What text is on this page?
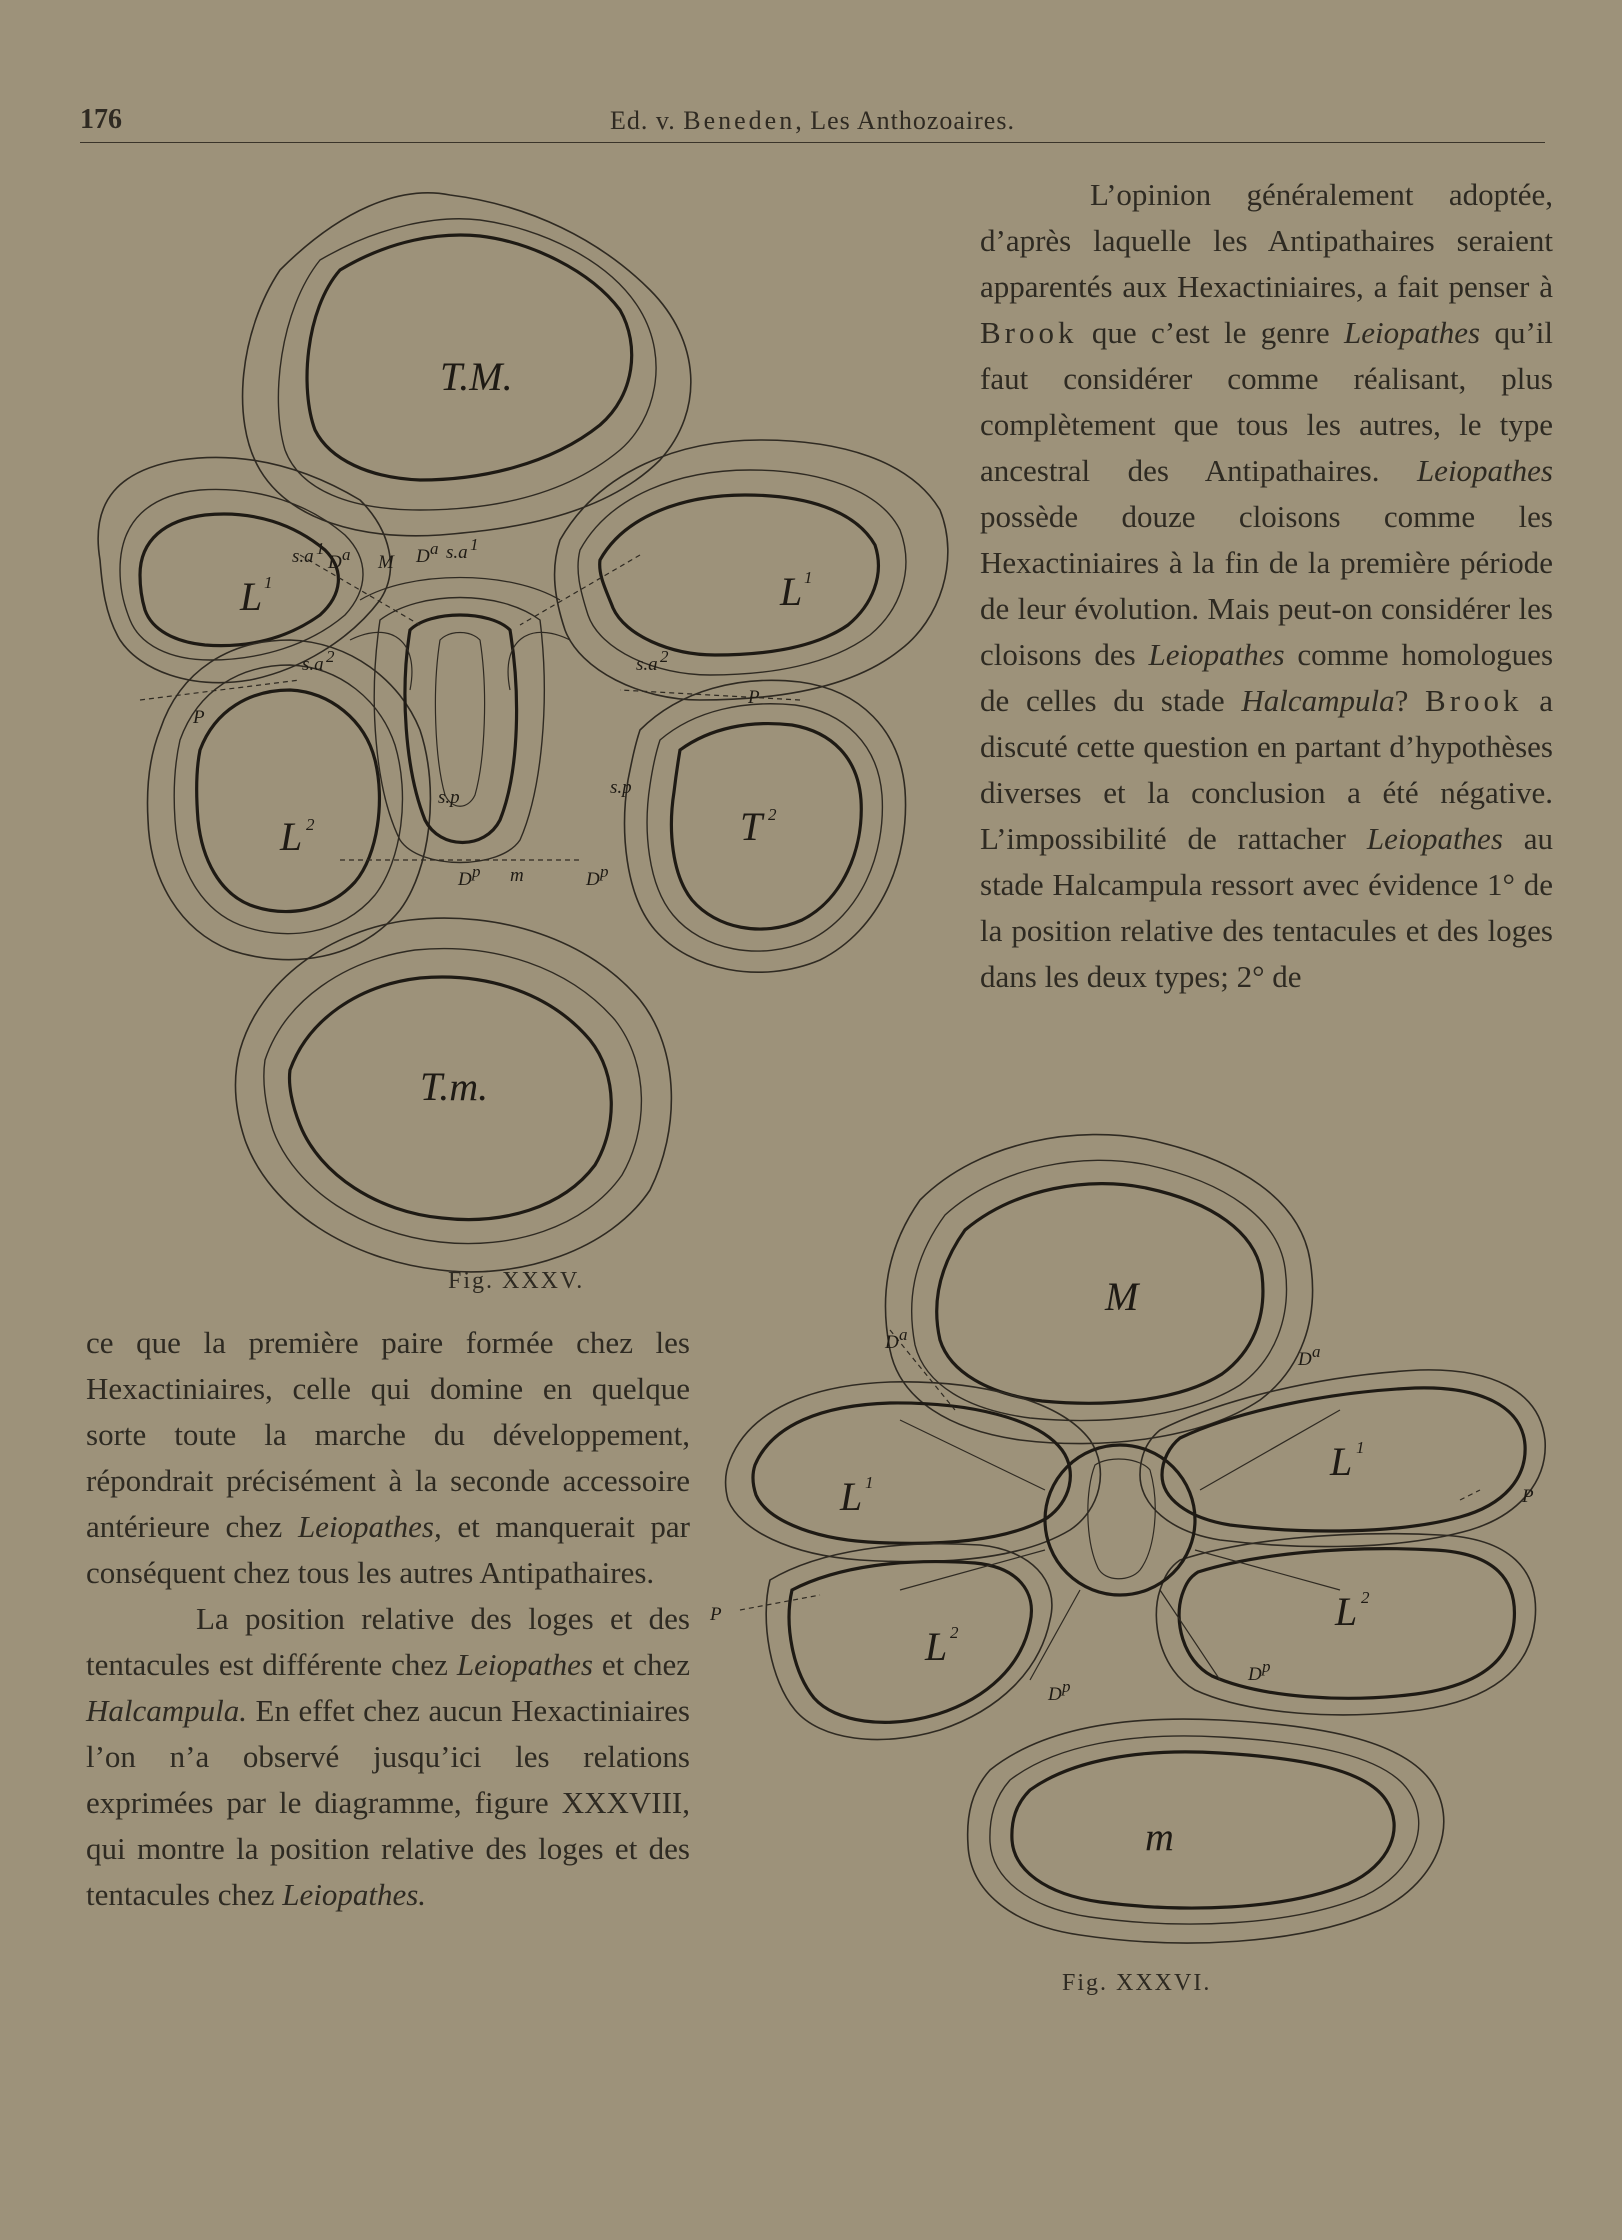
176	Ed. v. Beneden, Les Anthozoaires.
T.M.
L 1	L 1
L 2	T 2
T.m.
s.a 1
D a M D a s.a 1
s.a 2	s.a 2
P
P
s.p	s.p
D p m	D p
Fig. XXXV.

L’opinion généralement adoptée, d’après laquelle les Antipathaires seraient apparentés aux Hexactiniaires, a fait penser à Brook que c’est le genre Leiopathes qu’il faut considérer comme réalisant, plus complètement que tous les autres, le type ancestral des Antipathaires. Leiopathes possède douze cloisons comme les Hexactiniaires à la fin de la première période de leur évolution. Mais peut-on considérer les cloisons des Leiopathes comme homologues de celles du stade Halcampula? Brook a discuté cette question en partant d’hypothèses diverses et la conclusion a été négative. L’impossibilité de rattacher Leiopathes au stade Halcampula ressort avec évidence 1° de la position relative des tentacules et des loges dans les deux types; 2° de

M
L 1	L 1
L 2	L 2
m
D a
D a
D p
D p
P
P
Fig. XXXVI.

ce que la première paire formée chez les Hexactiniaires, celle qui domine en quelque sorte toute la marche du développement, répondrait précisément à la seconde accessoire antérieure chez Leiopathes, et manquerait par conséquent chez tous les autres Antipathaires.

La position relative des loges et des tentacules est différente chez Leiopathes et chez Halcampula. En effet chez aucun Hexactiniaires l’on n’a observé jusqu’ici les relations exprimées par le diagramme, figure XXXVIII, qui montre la position relative des loges et des tentacules chez Leiopathes.
